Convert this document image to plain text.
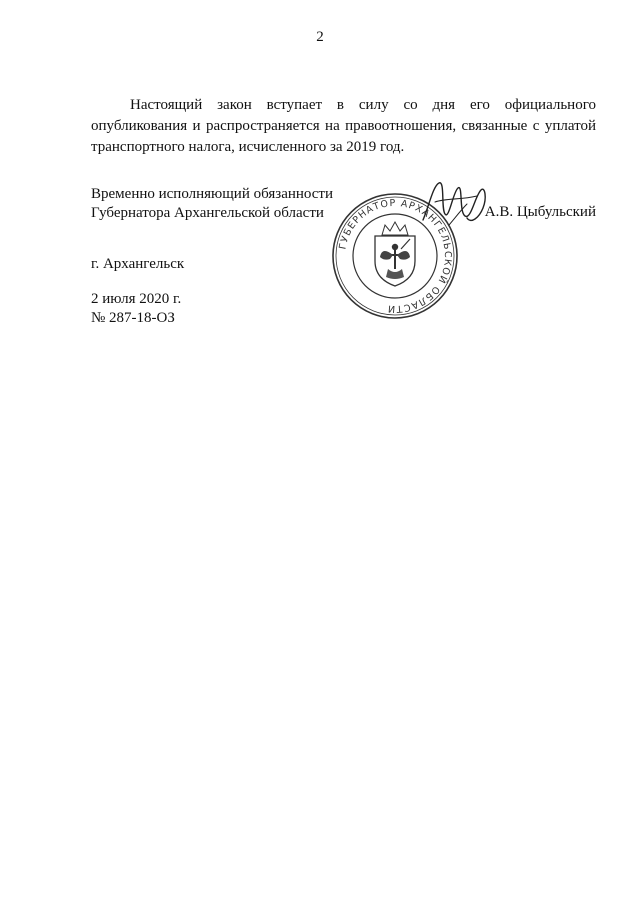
2

Настоящий закон вступает в силу со дня его официального
опубликования и распространяется на правоотношения, связанные с уплатой
транспортного налога, исчисленного за 2019 год.

Временно исполняющий обязанности
Губернатора Архангельской области	А.В. Цыбульский
ГУБЕРНАТОР АРХАНГЕЛЬСКОЙ ОБЛАСТИ
г. Архангельск
2 июля 2020 г.
№ 287-18-ОЗ
